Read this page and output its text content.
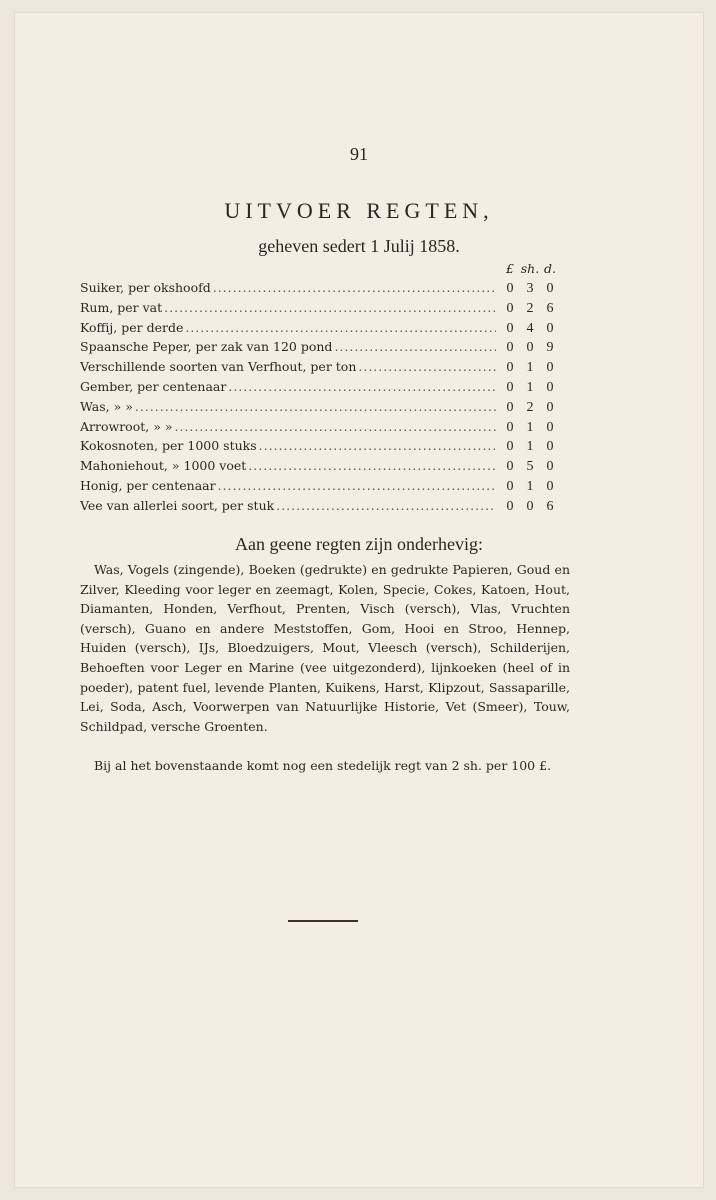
91
UITVOER REGTEN,
geheven sedert 1 Julij 1858.
£ sh. d.
Suiker, per okshoofd .....	0 3 0
Rum, per vat .....	0 2 6
Koffij, per derde .....	0 4 0
Spaansche Peper, per zak van 120 pond .....	0 0 9
Verschillende soorten van Verfhout, per ton .....	0 1 0
Gember, per centenaar .....	0 1 0
Was, » » .....	0 2 0
Arrowroot, » » .....	0 1 0
Kokosnoten, per 1000 stuks .....	0 1 0
Mahoniehout, » 1000 voet .....	0 5 0
Honig, per centenaar .....	0 1 0
Vee van allerlei soort, per stuk .....	0 0 6
Aan geene regten zijn onderhevig:

Was, Vogels (zingende), Boeken (gedrukte) en gedrukte Papieren, Goud en Zilver, Kleeding voor leger en zeemagt, Kolen, Specie, Cokes, Katoen, Hout, Diamanten, Honden, Verfhout, Prenten, Visch (versch), Vlas, Vruchten (versch), Guano en andere Meststoffen, Gom, Hooi en Stroo, Hennep, Huiden (versch), IJs, Bloedzuigers, Mout, Vleesch (versch), Schilderijen, Behoeften voor Leger en Marine (vee uitgezonderd), lijnkoeken (heel of in poeder), patent fuel, levende Planten, Kuikens, Harst, Klipzout, Sassaparille, Lei, Soda, Asch, Voorwerpen van Natuurlijke Historie, Vet (Smeer), Touw, Schildpad, versche Groenten.

Bij al het bovenstaande komt nog een stedelijk regt van 2 sh. per 100 £.
